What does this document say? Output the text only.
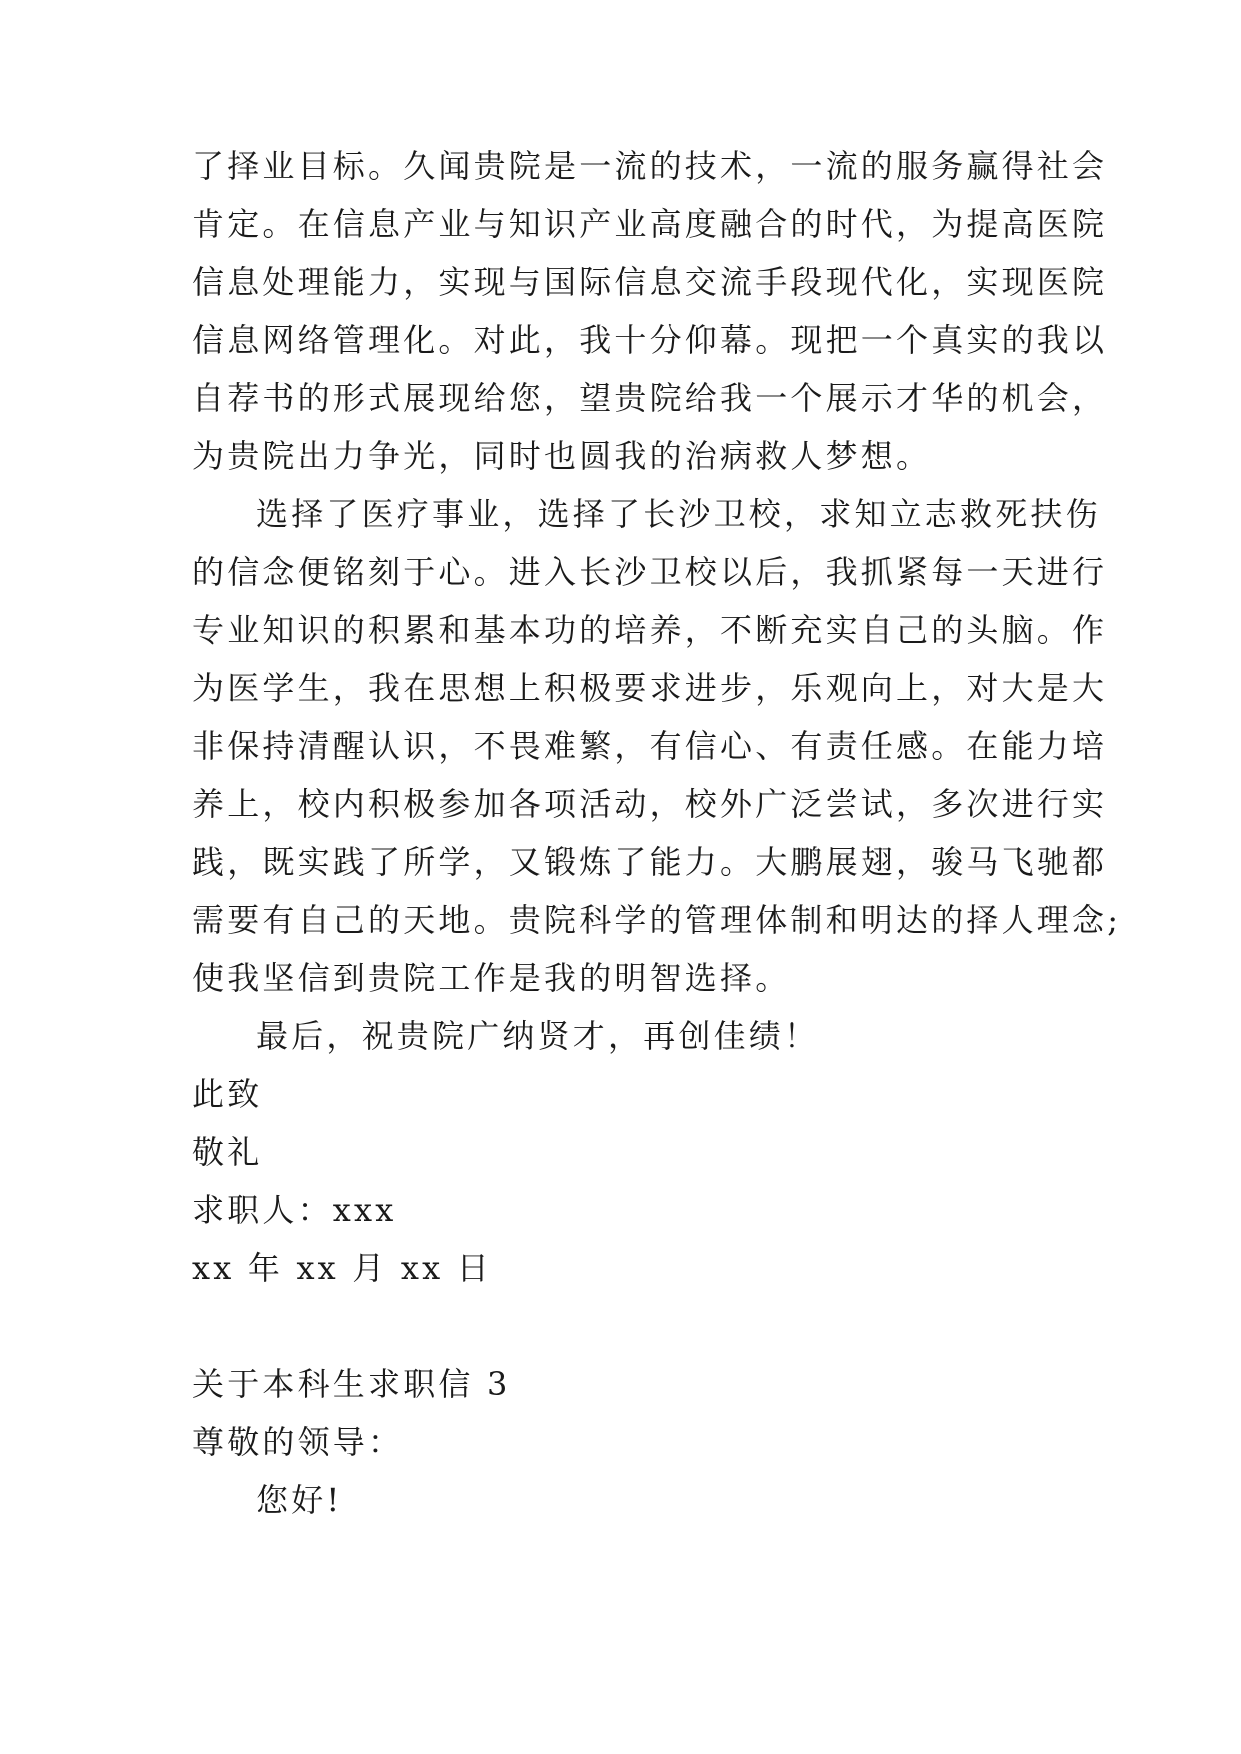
了择业目标。久闻贵院是一流的技术，一流的服务赢得社会
肯定。在信息产业与知识产业高度融合的时代，为提高医院
信息处理能力，实现与国际信息交流手段现代化，实现医院
信息网络管理化。对此，我十分仰幕。现把一个真实的我以
自荐书的形式展现给您，望贵院给我一个展示才华的机会，
为贵院出力争光，同时也圆我的治病救人梦想。
选择了医疗事业，选择了长沙卫校，求知立志救死扶伤
的信念便铭刻于心。进入长沙卫校以后，我抓紧每一天进行
专业知识的积累和基本功的培养，不断充实自己的头脑。作
为医学生，我在思想上积极要求进步，乐观向上，对大是大
非保持清醒认识，不畏难繁，有信心、有责任感。在能力培
养上，校内积极参加各项活动，校外广泛尝试，多次进行实
践，既实践了所学，又锻炼了能力。大鹏展翅，骏马飞驰都
需要有自己的天地。贵院科学的管理体制和明达的择人理念;
使我坚信到贵院工作是我的明智选择。
最后，祝贵院广纳贤才，再创佳绩！
此致
敬礼
求职人：xxx
xx 年 xx 月 xx 日
关于本科生求职信 3
尊敬的领导：
您好!
